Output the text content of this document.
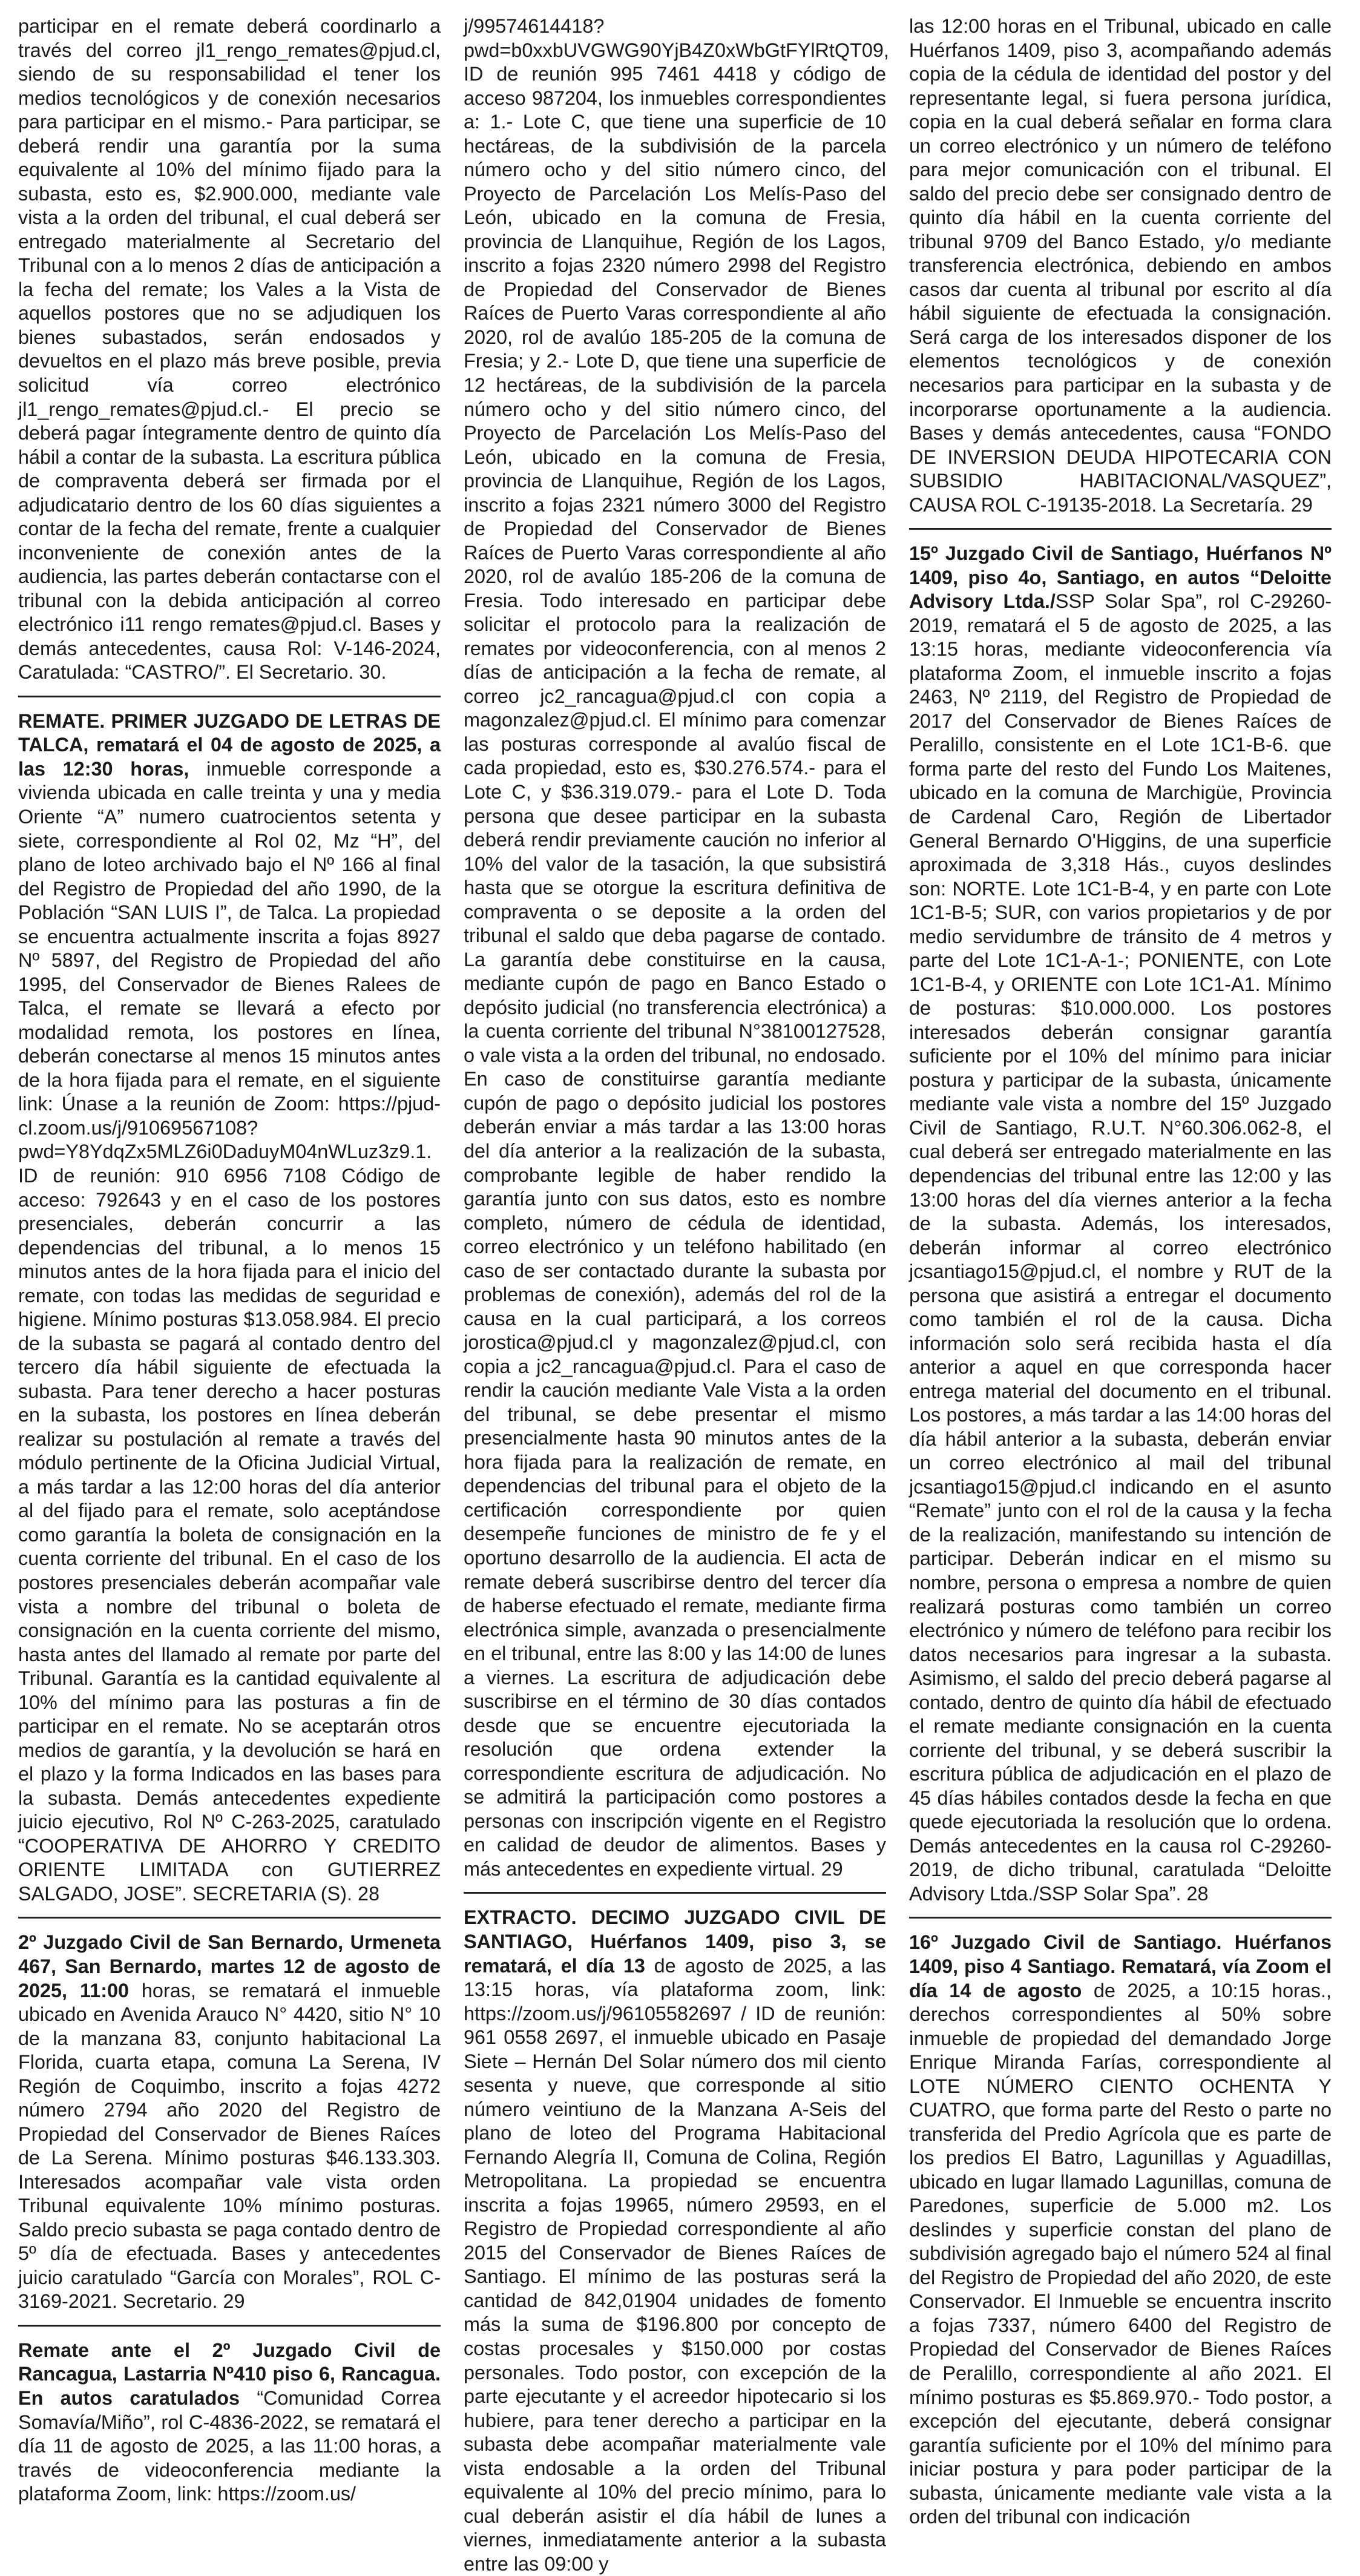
participar en el remate deberá coordinarlo a través del correo jl1_rengo_remates@pjud.cl, siendo de su responsabilidad el tener los medios tecnológicos y de conexión necesarios para participar en el mismo.- Para participar, se deberá rendir una garantía por la suma equivalente al 10% del mínimo fijado para la subasta, esto es, $2.900.000, mediante vale vista a la orden del tribunal, el cual deberá ser entregado materialmente al Secretario del Tribunal con a lo menos 2 días de anticipación a la fecha del remate; los Vales a la Vista de aquellos postores que no se adjudiquen los bienes subastados, serán endosados y devueltos en el plazo más breve posible, previa solicitud vía correo electrónico jl1_rengo_remates@pjud.cl.- El precio se deberá pagar íntegramente dentro de quinto día hábil a contar de la subasta. La escritura pública de compraventa deberá ser firmada por el adjudicatario dentro de los 60 días siguientes a contar de la fecha del remate, frente a cualquier inconveniente de conexión antes de la audiencia, las partes deberán contactarse con el tribunal con la debida anticipación al correo electrónico i11 rengo remates@pjud.cl. Bases y demás antecedentes, causa Rol: V-146-2024, Caratulada: “CASTRO/”. El Secretario. 30.

REMATE. PRIMER JUZGADO DE LETRAS DE TALCA, rematará el 04 de agosto de 2025, a las 12:30 horas, inmueble corresponde a vivienda ubicada en calle treinta y una y media Oriente “A” numero cuatrocientos setenta y siete, correspondiente al Rol 02, Mz “H”, del plano de loteo archivado bajo el Nº 166 al final del Registro de Propiedad del año 1990, de la Población “SAN LUIS I”, de Talca. La propiedad se encuentra actualmente inscrita a fojas 8927 Nº 5897, del Registro de Propiedad del año 1995, del Conservador de Bienes Ralees de Talca, el remate se llevará a efecto por modalidad remota, los postores en línea, deberán conectarse al menos 15 minutos antes de la hora fijada para el remate, en el siguiente link: Únase a la reunión de Zoom: https://pjud-cl.zoom.us/j/91069567108?pwd=Y8YdqZx5MLZ6i0DaduyM04nWLuz3z9.1. ID de reunión: 910 6956 7108 Código de acceso: 792643 y en el caso de los postores presenciales, deberán concurrir a las dependencias del tribunal, a lo menos 15 minutos antes de la hora fijada para el inicio del remate, con todas las medidas de seguridad e higiene. Mínimo posturas $13.058.984. El precio de la subasta se pagará al contado dentro del tercero día hábil siguiente de efectuada la subasta. Para tener derecho a hacer posturas en la subasta, los postores en línea deberán realizar su postulación al remate a través del módulo pertinente de la Oficina Judicial Virtual, a más tardar a las 12:00 horas del día anterior al del fijado para el remate, solo aceptándose como garantía la boleta de consignación en la cuenta corriente del tribunal. En el caso de los postores presenciales deberán acompañar vale vista a nombre del tribunal o boleta de consignación en la cuenta corriente del mismo, hasta antes del llamado al remate por parte del Tribunal. Garantía es la cantidad equivalente al 10% del mínimo para las posturas a fin de participar en el remate. No se aceptarán otros medios de garantía, y la devolución se hará en el plazo y la forma Indicados en las bases para la subasta. Demás antecedentes expediente juicio ejecutivo, Rol Nº C-263-2025, caratulado “COOPERATIVA DE AHORRO Y CREDITO ORIENTE LIMITADA con GUTIERREZ SALGADO, JOSE”. SECRETARIA (S). 28

2º Juzgado Civil de San Bernardo, Urmeneta 467, San Bernardo, martes 12 de agosto de 2025, 11:00 horas, se rematará el inmueble ubicado en Avenida Arauco N° 4420, sitio N° 10 de la manzana 83, conjunto habitacional La Florida, cuarta etapa, comuna La Serena, IV Región de Coquimbo, inscrito a fojas 4272 número 2794 año 2020 del Registro de Propiedad del Conservador de Bienes Raíces de La Serena. Mínimo posturas $46.133.303. Interesados acompañar vale vista orden Tribunal equivalente 10% mínimo posturas. Saldo precio subasta se paga contado dentro de 5º día de efectuada. Bases y antecedentes juicio caratulado “García con Morales”, ROL C-3169-2021. Secretario. 29

Remate ante el 2º Juzgado Civil de Rancagua, Lastarria Nº410 piso 6, Rancagua. En autos caratulados “Comunidad Correa Somavía/Miño”, rol C-4836-2022, se rematará el día 11 de agosto de 2025, a las 11:00 horas, a través de videoconferencia mediante la plataforma Zoom, link: https://zoom.us/

j/99574614418?pwd=b0xxbUVGWG90YjB4Z0xWbGtFYlRtQT09, ID de reunión 995 7461 4418 y código de acceso 987204, los inmuebles correspondientes a: 1.- Lote C, que tiene una superficie de 10 hectáreas, de la subdivisión de la parcela número ocho y del sitio número cinco, del Proyecto de Parcelación Los Melís-Paso del León, ubicado en la comuna de Fresia, provincia de Llanquihue, Región de los Lagos, inscrito a fojas 2320 número 2998 del Registro de Propiedad del Conservador de Bienes Raíces de Puerto Varas correspondiente al año 2020, rol de avalúo 185-205 de la comuna de Fresia; y 2.- Lote D, que tiene una superficie de 12 hectáreas, de la subdivisión de la parcela número ocho y del sitio número cinco, del Proyecto de Parcelación Los Melís-Paso del León, ubicado en la comuna de Fresia, provincia de Llanquihue, Región de los Lagos, inscrito a fojas 2321 número 3000 del Registro de Propiedad del Conservador de Bienes Raíces de Puerto Varas correspondiente al año 2020, rol de avalúo 185-206 de la comuna de Fresia. Todo interesado en participar debe solicitar el protocolo para la realización de remates por videoconferencia, con al menos 2 días de anticipación a la fecha de remate, al correo jc2_rancagua@pjud.cl con copia a magonzalez@pjud.cl. El mínimo para comenzar las posturas corresponde al avalúo fiscal de cada propiedad, esto es, $30.276.574.- para el Lote C, y $36.319.079.- para el Lote D. Toda persona que desee participar en la subasta deberá rendir previamente caución no inferior al 10% del valor de la tasación, la que subsistirá hasta que se otorgue la escritura definitiva de compraventa o se deposite a la orden del tribunal el saldo que deba pagarse de contado. La garantía debe constituirse en la causa, mediante cupón de pago en Banco Estado o depósito judicial (no transferencia electrónica) a la cuenta corriente del tribunal N°38100127528, o vale vista a la orden del tribunal, no endosado. En caso de constituirse garantía mediante cupón de pago o depósito judicial los postores deberán enviar a más tardar a las 13:00 horas del día anterior a la realización de la subasta, comprobante legible de haber rendido la garantía junto con sus datos, esto es nombre completo, número de cédula de identidad, correo electrónico y un teléfono habilitado (en caso de ser contactado durante la subasta por problemas de conexión), además del rol de la causa en la cual participará, a los correos jorostica@pjud.cl y magonzalez@pjud.cl, con copia a jc2_rancagua@pjud.cl. Para el caso de rendir la caución mediante Vale Vista a la orden del tribunal, se debe presentar el mismo presencialmente hasta 90 minutos antes de la hora fijada para la realización de remate, en dependencias del tribunal para el objeto de la certificación correspondiente por quien desempeñe funciones de ministro de fe y el oportuno desarrollo de la audiencia. El acta de remate deberá suscribirse dentro del tercer día de haberse efectuado el remate, mediante firma electrónica simple, avanzada o presencialmente en el tribunal, entre las 8:00 y las 14:00 de lunes a viernes. La escritura de adjudicación debe suscribirse en el término de 30 días contados desde que se encuentre ejecutoriada la resolución que ordena extender la correspondiente escritura de adjudicación. No se admitirá la participación como postores a personas con inscripción vigente en el Registro en calidad de deudor de alimentos. Bases y más antecedentes en expediente virtual. 29

EXTRACTO. DECIMO JUZGADO CIVIL DE SANTIAGO, Huérfanos 1409, piso 3, se rematará, el día 13 de agosto de 2025, a las 13:15 horas, vía plataforma zoom, link: https://zoom.us/j/96105582697 / ID de reunión: 961 0558 2697, el inmueble ubicado en Pasaje Siete – Hernán Del Solar número dos mil ciento sesenta y nueve, que corresponde al sitio número veintiuno de la Manzana A-Seis del plano de loteo del Programa Habitacional Fernando Alegría II, Comuna de Colina, Región Metropolitana. La propiedad se encuentra inscrita a fojas 19965, número 29593, en el Registro de Propiedad correspondiente al año 2015 del Conservador de Bienes Raíces de Santiago. El mínimo de las posturas será la cantidad de 842,01904 unidades de fomento más la suma de $196.800 por concepto de costas procesales y $150.000 por costas personales. Todo postor, con excepción de la parte ejecutante y el acreedor hipotecario si los hubiere, para tener derecho a participar en la subasta debe acompañar materialmente vale vista endosable a la orden del Tribunal equivalente al 10% del precio mínimo, para lo cual deberán asistir el día hábil de lunes a viernes, inmediatamente anterior a la subasta entre las 09:00 y

las 12:00 horas en el Tribunal, ubicado en calle Huérfanos 1409, piso 3, acompañando además copia de la cédula de identidad del postor y del representante legal, si fuera persona jurídica, copia en la cual deberá señalar en forma clara un correo electrónico y un número de teléfono para mejor comunicación con el tribunal. El saldo del precio debe ser consignado dentro de quinto día hábil en la cuenta corriente del tribunal 9709 del Banco Estado, y/o mediante transferencia electrónica, debiendo en ambos casos dar cuenta al tribunal por escrito al día hábil siguiente de efectuada la consignación. Será carga de los interesados disponer de los elementos tecnológicos y de conexión necesarios para participar en la subasta y de incorporarse oportunamente a la audiencia. Bases y demás antecedentes, causa “FONDO DE INVERSION DEUDA HIPOTECARIA CON SUBSIDIO HABITACIONAL/VASQUEZ”, CAUSA ROL C-19135-2018. La Secretaría. 29

15º Juzgado Civil de Santiago, Huérfanos Nº 1409, piso 4o, Santiago, en autos “Deloitte Advisory Ltda./SSP Solar Spa”, rol C-29260-2019, rematará el 5 de agosto de 2025, a las 13:15 horas, mediante videoconferencia vía plataforma Zoom, el inmueble inscrito a fojas 2463, Nº 2119, del Registro de Propiedad de 2017 del Conservador de Bienes Raíces de Peralillo, consistente en el Lote 1C1-B-6. que forma parte del resto del Fundo Los Maitenes, ubicado en la comuna de Marchigüe, Provincia de Cardenal Caro, Región de Libertador General Bernardo O'Higgins, de una superficie aproximada de 3,318 Hás., cuyos deslindes son: NORTE. Lote 1C1-B-4, y en parte con Lote 1C1-B-5; SUR, con varios propietarios y de por medio servidumbre de tránsito de 4 metros y parte del Lote 1C1-A-1-; PONIENTE, con Lote 1C1-B-4, y ORIENTE con Lote 1C1-A1. Mínimo de posturas: $10.000.000. Los postores interesados deberán consignar garantía suficiente por el 10% del mínimo para iniciar postura y participar de la subasta, únicamente mediante vale vista a nombre del 15º Juzgado Civil de Santiago, R.U.T. N°60.306.062-8, el cual deberá ser entregado materialmente en las dependencias del tribunal entre las 12:00 y las 13:00 horas del día viernes anterior a la fecha de la subasta. Además, los interesados, deberán informar al correo electrónico jcsantiago15@pjud.cl, el nombre y RUT de la persona que asistirá a entregar el documento como también el rol de la causa. Dicha información solo será recibida hasta el día anterior a aquel en que corresponda hacer entrega material del documento en el tribunal. Los postores, a más tardar a las 14:00 horas del día hábil anterior a la subasta, deberán enviar un correo electrónico al mail del tribunal jcsantiago15@pjud.cl indicando en el asunto “Remate” junto con el rol de la causa y la fecha de la realización, manifestando su intención de participar. Deberán indicar en el mismo su nombre, persona o empresa a nombre de quien realizará posturas como también un correo electrónico y número de teléfono para recibir los datos necesarios para ingresar a la subasta. Asimismo, el saldo del precio deberá pagarse al contado, dentro de quinto día hábil de efectuado el remate mediante consignación en la cuenta corriente del tribunal, y se deberá suscribir la escritura pública de adjudicación en el plazo de 45 días hábiles contados desde la fecha en que quede ejecutoriada la resolución que lo ordena. Demás antecedentes en la causa rol C-29260-2019, de dicho tribunal, caratulada “Deloitte Advisory Ltda./SSP Solar Spa”. 28

16º Juzgado Civil de Santiago. Huérfanos 1409, piso 4 Santiago. Rematará, vía Zoom el día 14 de agosto de 2025, a 10:15 horas., derechos correspondientes al 50% sobre inmueble de propiedad del demandado Jorge Enrique Miranda Farías, correspondiente al LOTE NÚMERO CIENTO OCHENTA Y CUATRO, que forma parte del Resto o parte no transferida del Predio Agrícola que es parte de los predios El Batro, Lagunillas y Aguadillas, ubicado en lugar llamado Lagunillas, comuna de Paredones, superficie de 5.000 m2. Los deslindes y superficie constan del plano de subdivisión agregado bajo el número 524 al final del Registro de Propiedad del año 2020, de este Conservador. El Inmueble se encuentra inscrito a fojas 7337, número 6400 del Registro de Propiedad del Conservador de Bienes Raíces de Peralillo, correspondiente al año 2021. El mínimo posturas es $5.869.970.- Todo postor, a excepción del ejecutante, deberá consignar garantía suficiente por el 10% del mínimo para iniciar postura y para poder participar de la subasta, únicamente mediante vale vista a la orden del tribunal con indicación
